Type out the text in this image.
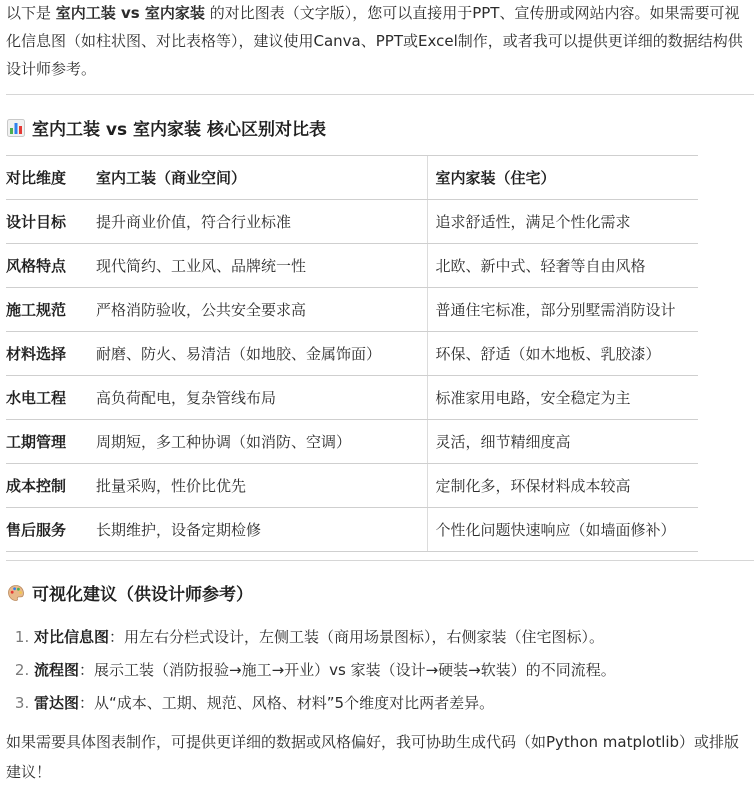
以下是 室内工装 vs 室内家装 的对比图表（文字版），您可以直接用于PPT、宣传册或网站内容。如果需要可视化信息图（如柱状图、对比表格等），建议使用Canva、PPT或Excel制作，或者我可以提供更详细的数据结构供设计师参考。

室内工装 vs 室内家装 核心区别对比表
对比维度	室内工装（商业空间）	室内家装（住宅）
设计目标	提升商业价值，符合行业标准	追求舒适性，满足个性化需求
风格特点	现代简约、工业风、品牌统一性	北欧、新中式、轻奢等自由风格
施工规范	严格消防验收，公共安全要求高	普通住宅标准，部分别墅需消防设计
材料选择	耐磨、防火、易清洁（如地胶、金属饰面）	环保、舒适（如木地板、乳胶漆）
水电工程	高负荷配电，复杂管线布局	标准家用电路，安全稳定为主
工期管理	周期短，多工种协调（如消防、空调）	灵活，细节精细度高
成本控制	批量采购，性价比优先	定制化多，环保材料成本较高
售后服务	长期维护，设备定期检修	个性化问题快速响应（如墙面修补）
可视化建议（供设计师参考）
1. 对比信息图：用左右分栏式设计，左侧工装（商用场景图标），右侧家装（住宅图标）。
2. 流程图：展示工装（消防报验→施工→开业）vs 家装（设计→硬装→软装）的不同流程。
3. 雷达图：从“成本、工期、规范、风格、材料”5个维度对比两者差异。

如果需要具体图表制作，可提供更详细的数据或风格偏好，我可协助生成代码（如Python matplotlib）或排版建议！
